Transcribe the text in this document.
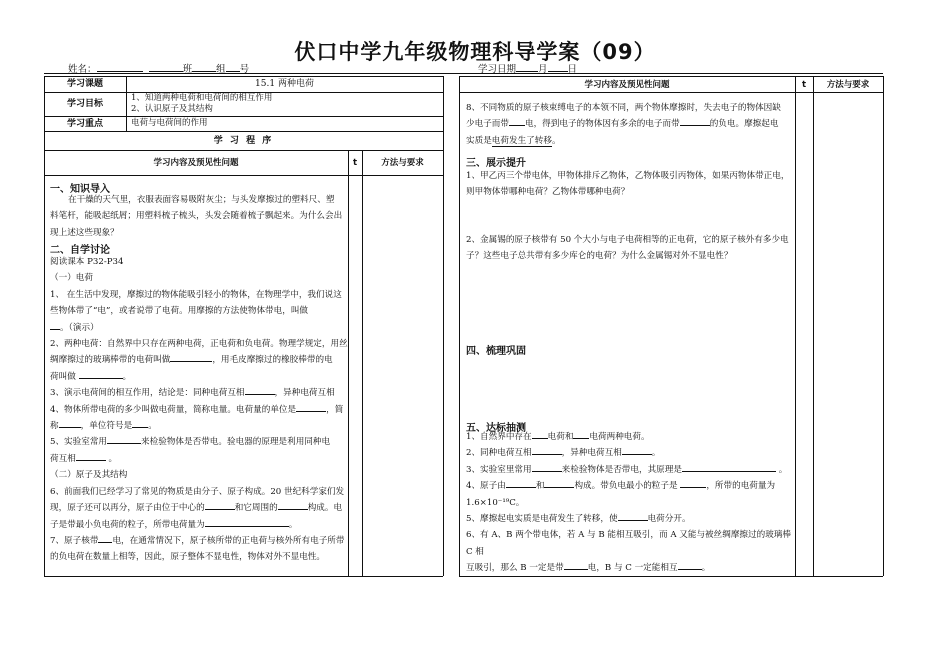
伏口中学九年级物理科导学案（09）
姓名：	班	组 号	学习日期 月 日
学习课题	15.1 两种电荷
学习目标
1、知道两种电荷和电荷间的相互作用
2、认识原子及其结构
学习重点	电荷与电荷间的作用
学 习 程 序
学习内容及预见性问题	t	方法与要求
学习内容及预见性问题	t	方法与要求
一、知识导入
在干燥的天气里，衣服表面容易吸附灰尘；与头发摩擦过的塑料尺、塑
料笔杆，能吸起纸屑；用塑料梳子梳头，头发会随着梳子飘起来。为什么会出
现上述这些现象？
二、自学讨论
阅读课本 P32-P34
（一）电荷
1、 在生活中发现，摩擦过的物体能吸引轻小的物体，在物理学中，我们说这
些物体带了“电”，或者说带了电荷。用摩擦的方法使物体带电，叫做
。（演示）
2、两种电荷：自然界中只存在两种电荷，正电荷和负电荷。物理学规定，用丝
绸摩擦过的玻璃棒带的电荷叫做	，用毛皮摩擦过的橡胶棒带的电
荷叫做	。
3、演示电荷间的相互作用，结论是：同种电荷互相	，异种电荷互相
4、物体所带电荷的多少叫做电荷量，简称电量。电荷量的单位是	，简
称	，单位符号是 。
5、实验室常用	来检验物体是否带电。验电器的原理是利用同种电
荷互相	。
（二）原子及其结构
6、前面我们已经学习了常见的物质是由分子、原子构成。20 世纪科学家们发
现，原子还可以再分，原子由位于中心的	和它周围的	构成。电
子是带最小负电荷的粒子，所带电荷量为	。
7、原子核带 电，在通常情况下，原子核所带的正电荷与核外所有电子所带
的负电荷在数量上相等，因此，原子整体不显电性，物体对外不显电性。
8、不同物质的原子核束缚电子的本领不同，两个物体摩擦时，失去电子的物体因缺
少电子而带 电，得到电子的物体因有多余的电子而带	的负电。摩擦起电
实质是电荷发生了转移。
三、展示提升
1、甲乙丙三个带电体，甲物体排斥乙物体，乙物体吸引丙物体，如果丙物体带正电，
则甲物体带哪种电荷？乙物体带哪种电荷？
2、金属锡的原子核带有 50 个大小与电子电荷相等的正电荷，它的原子核外有多少电
子？这些电子总共带有多少库仑的电荷？为什么金属锡对外不显电性？
四、梳理巩固
五、达标抽测
1、自然界中存在 电荷和 电荷两种电荷。
2、同种电荷互相	，异种电荷互相	。
3、实验室里常用	来检验物体是否带电，其原理是	。
4、原子由	和	构成。带负电最小的粒子是	，所带的电荷量为
1.6×10⁻¹⁹C。
5、摩擦起电实质是电荷发生了转移，使	电荷分开。
6、有 A、B 两个带电体，若 A 与 B 能相互吸引，而 A 又能与被丝绸摩擦过的玻璃棒 C 相
互吸引，那么 B 一定是带	电，B 与 C 一定能相互	。
